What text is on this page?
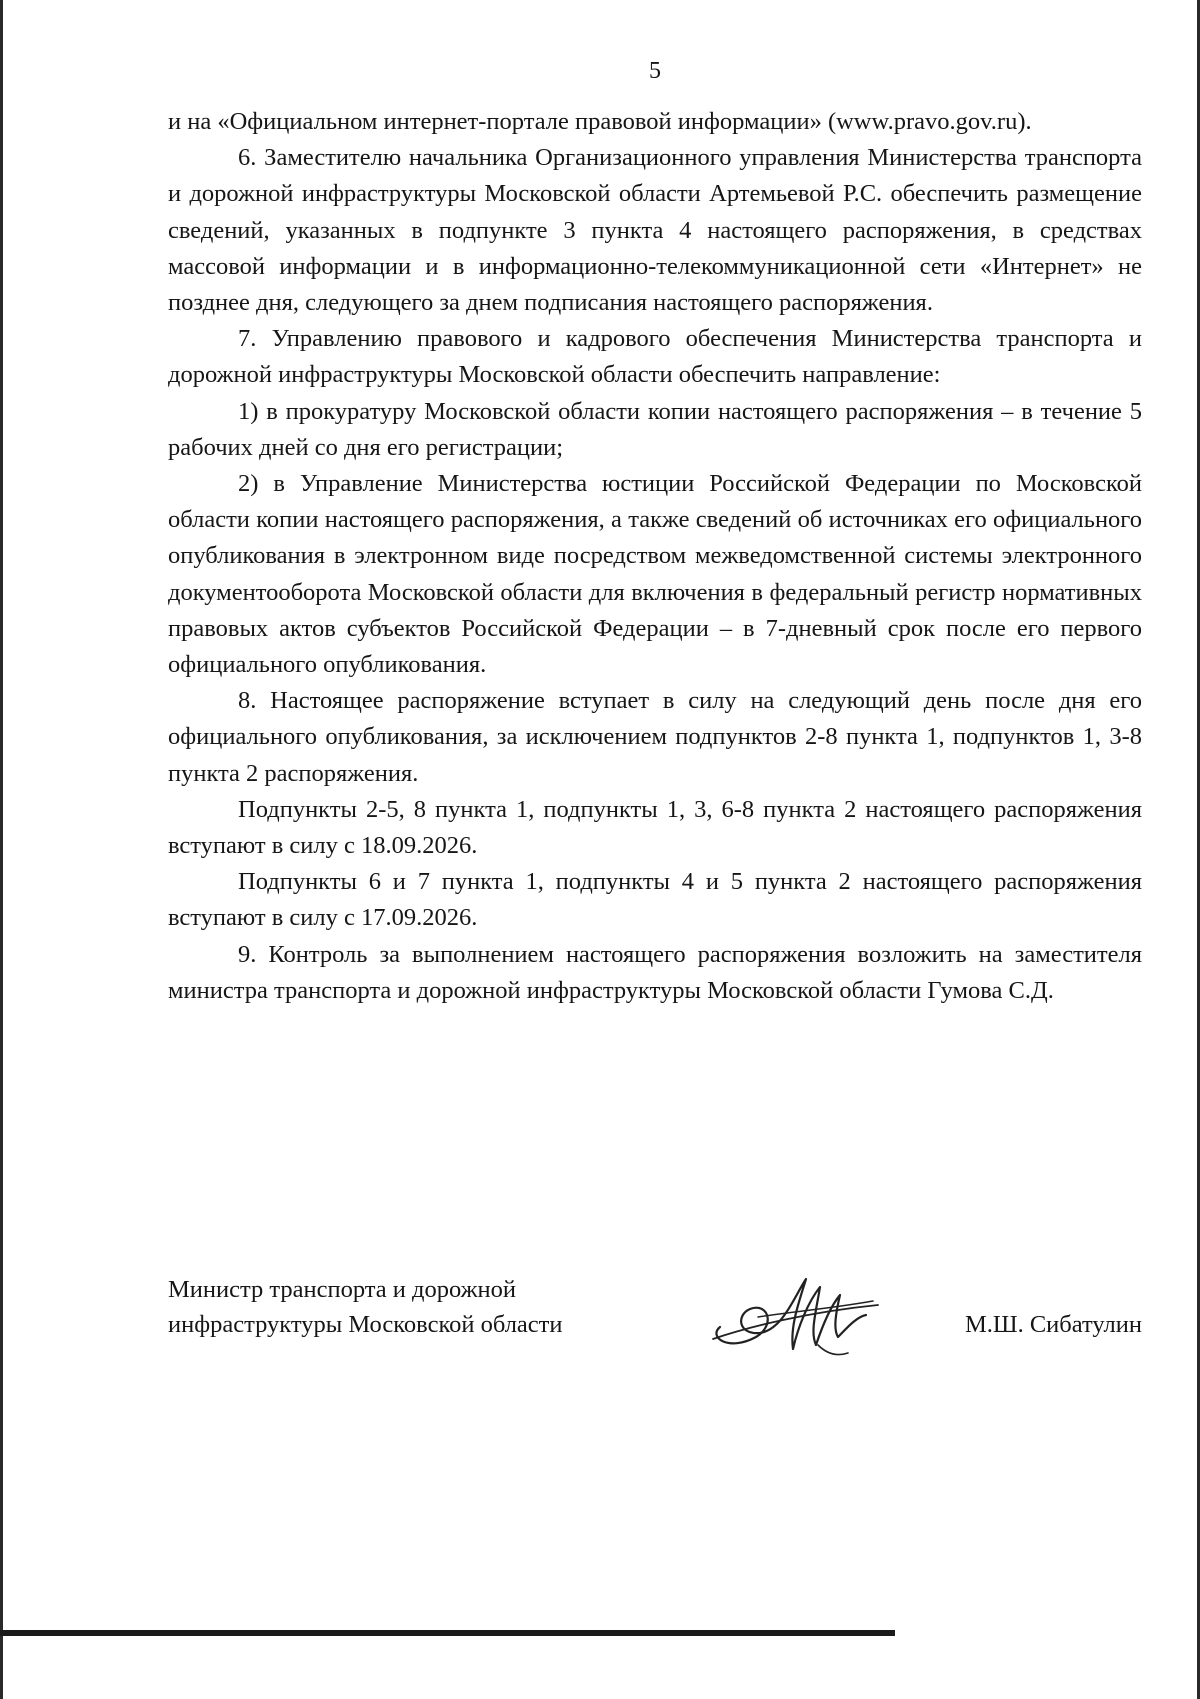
5

и на «Официальном интернет-портале правовой информации» (www.pravo.gov.ru).

6. Заместителю начальника Организационного управления Министерства транспорта и дорожной инфраструктуры Московской области Артемьевой Р.С. обеспечить размещение сведений, указанных в подпункте 3 пункта 4 настоящего распоряжения, в средствах массовой информации и в информационно-телекоммуникационной сети «Интернет» не позднее дня, следующего за днем подписания настоящего распоряжения.

7. Управлению правового и кадрового обеспечения Министерства транспорта и дорожной инфраструктуры Московской области обеспечить направление:

1) в прокуратуру Московской области копии настоящего распоряжения – в течение 5 рабочих дней со дня его регистрации;

2) в Управление Министерства юстиции Российской Федерации по Московской области копии настоящего распоряжения, а также сведений об источниках его официального опубликования в электронном виде посредством межведомственной системы электронного документооборота Московской области для включения в федеральный регистр нормативных правовых актов субъектов Российской Федерации – в 7-дневный срок после его первого официального опубликования.

8. Настоящее распоряжение вступает в силу на следующий день после дня его официального опубликования, за исключением подпунктов 2-8 пункта 1, подпунктов 1, 3-8 пункта 2 распоряжения.

Подпункты 2-5, 8 пункта 1, подпункты 1, 3, 6-8 пункта 2 настоящего распоряжения вступают в силу с 18.09.2026.

Подпункты 6 и 7 пункта 1, подпункты 4 и 5 пункта 2 настоящего распоряжения вступают в силу с 17.09.2026.

9. Контроль за выполнением настоящего распоряжения возложить на заместителя министра транспорта и дорожной инфраструктуры Московской области Гумова С.Д.

Министр транспорта и дорожной
инфраструктуры Московской области	М.Ш. Сибатулин
